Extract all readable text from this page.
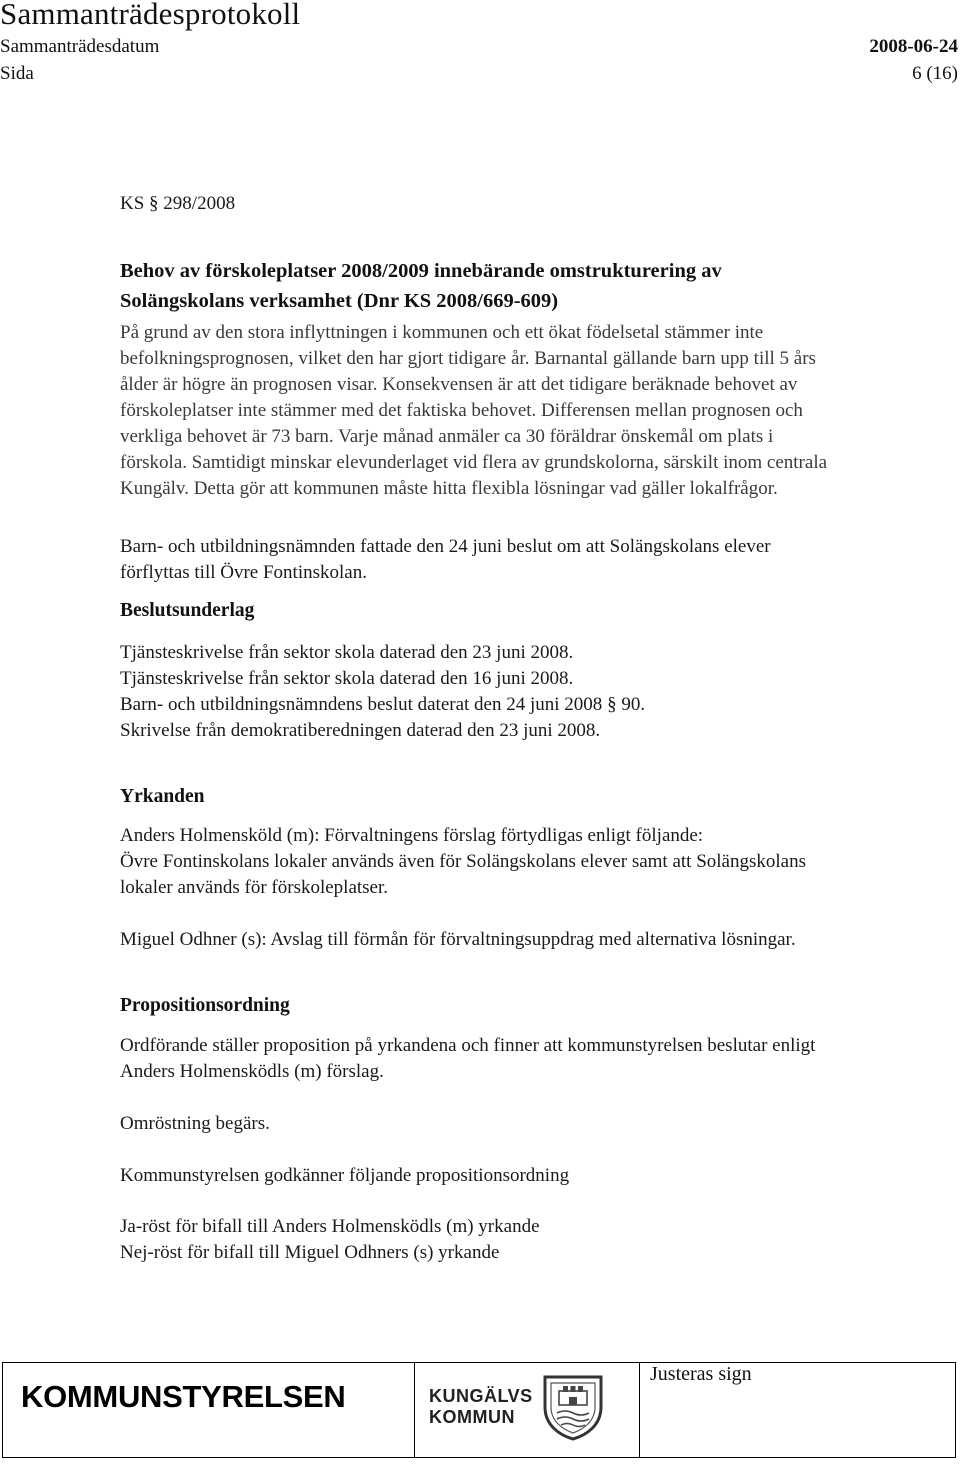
Sammanträdesprotokoll
Sammanträdesdatum	2008-06-24
Sida	6 (16)
KS § 298/2008

Behov av förskoleplatser 2008/2009 innebärande omstrukturering av

Solängskolans verksamhet (Dnr KS 2008/669-609)

På grund av den stora inflyttningen i kommunen och ett ökat födelsetal stämmer inte

befolkningsprognosen, vilket den har gjort tidigare år. Barnantal gällande barn upp till 5 års

ålder är högre än prognosen visar. Konsekvensen är att det tidigare beräknade behovet av

förskoleplatser inte stämmer med det faktiska behovet. Differensen mellan prognosen och

verkliga behovet är 73 barn. Varje månad anmäler ca 30 föräldrar önskemål om plats i

förskola. Samtidigt minskar elevunderlaget vid flera av grundskolorna, särskilt inom centrala

Kungälv. Detta gör att kommunen måste hitta flexibla lösningar vad gäller lokalfrågor.

Barn- och utbildningsnämnden fattade den 24 juni beslut om att Solängskolans elever

förflyttas till Övre Fontinskolan.

Beslutsunderlag

Tjänsteskrivelse från sektor skola daterad den 23 juni 2008.

Tjänsteskrivelse från sektor skola daterad den 16 juni 2008.

Barn- och utbildningsnämndens beslut daterat den 24 juni 2008 § 90.

Skrivelse från demokratiberedningen daterad den 23 juni 2008.

Yrkanden

Anders Holmensköld (m): Förvaltningens förslag förtydligas enligt följande:

Övre Fontinskolans lokaler används även för Solängskolans elever samt att Solängskolans

lokaler används för förskoleplatser.

Miguel Odhner (s): Avslag till förmån för förvaltningsuppdrag med alternativa lösningar.

Propositionsordning

Ordförande ställer proposition på yrkandena och finner att kommunstyrelsen beslutar enligt

Anders Holmensködls (m) förslag.

Omröstning begärs.

Kommunstyrelsen godkänner följande propositionsordning

Ja-röst för bifall till Anders Holmensködls (m) yrkande

Nej-röst för bifall till Miguel Odhners (s) yrkande

KOMMUNSTYRELSEN	KUNGÄLVS
KOMMUN
Justeras sign
